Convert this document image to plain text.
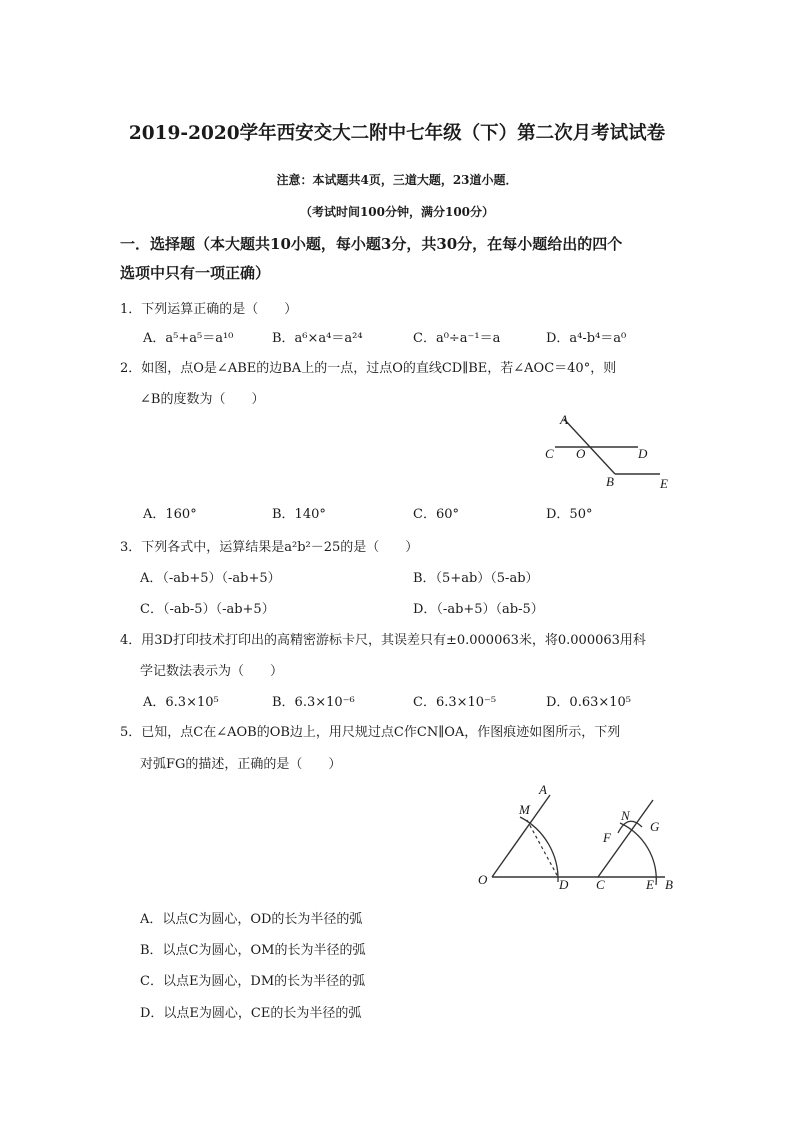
2019-2020学年西安交大二附中七年级（下）第二次月考试试卷
注意：本试题共4页，三道大题，23道小题．
（考试时间100分钟，满分100分）
一．选择题（本大题共10小题，每小题3分，共30分，在每小题给出的四个
选项中只有一项正确）
1．下列运算正确的是（　　）
A．a⁵+a⁵＝a¹⁰	B．a⁶×a⁴＝a²⁴	C．a⁰÷a⁻¹＝a	D．a⁴-b⁴＝a⁰
2．如图，点O是∠ABE的边BA上的一点，过点O的直线CD∥BE，若∠AOC＝40°，则
∠B的度数为（　　）
A
C O	D
B	E
A．160°	B．140°	C．60°	D．50°
3．下列各式中，运算结果是a²b²－25的是（　　）
A．（-ab+5）（-ab+5）	B．（5+ab）（5-ab）
C．（-ab-5）（-ab+5）	D．（-ab+5）（ab-5）
4．用3D打印技术打印出的高精密游标卡尺，其误差只有±0.000063米，将0.000063用科
学记数法表示为（　　）
A．6.3×10⁵	B．6.3×10⁻⁶	C．6.3×10⁻⁵	D．0.63×10⁵
5．已知，点C在∠AOB的OB边上，用尺规过点C作CN∥OA，作图痕迹如图所示，下列
对弧FG的描述，正确的是（　　）
A
M	N
G
F
O	D C	E B
A．以点C为圆心，OD的长为半径的弧
B．以点C为圆心，OM的长为半径的弧
C．以点E为圆心，DM的长为半径的弧
D．以点E为圆心，CE的长为半径的弧
